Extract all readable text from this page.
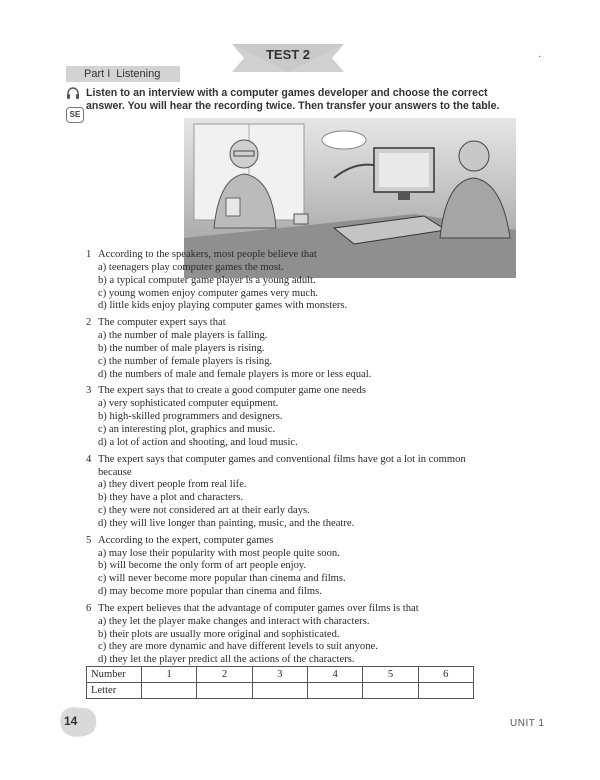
TEST 2	·
Part I Listening
SE
Listen to an interview with a computer games developer and choose the correct answer. You will hear the recording twice. Then transfer your answers to the table.
1 According to the speakers, most people believe that
a) teenagers play computer games the most.
b) a typical computer game player is a young adult.
c) young women enjoy computer games very much.
d) little kids enjoy playing computer games with monsters.
2 The computer expert says that
a) the number of male players is falling.
b) the number of male players is rising.
c) the number of female players is rising.
d) the numbers of male and female players is more or less equal.
3 The expert says that to create a good computer game one needs
a) very sophisticated computer equipment.
b) high-skilled programmers and designers.
c) an interesting plot, graphics and music.
d) a lot of action and shooting, and loud music.
4 The expert says that computer games and conventional films have got a lot in common because
a) they divert people from real life.
b) they have a plot and characters.
c) they were not considered art at their early days.
d) they will live longer than painting, music, and the theatre.
5 According to the expert, computer games
a) may lose their popularity with most people quite soon.
b) will become the only form of art people enjoy.
c) will never become more popular than cinema and films.
d) may become more popular than cinema and films.
6 The expert believes that the advantage of computer games over films is that
a) they let the player make changes and interact with characters.
b) their plots are usually more original and sophisticated.
c) they are more dynamic and have different levels to suit anyone.
d) they let the player predict all the actions of the characters.
Number	1	2	3	4	5	6
Letter						
14	UNIT 1
